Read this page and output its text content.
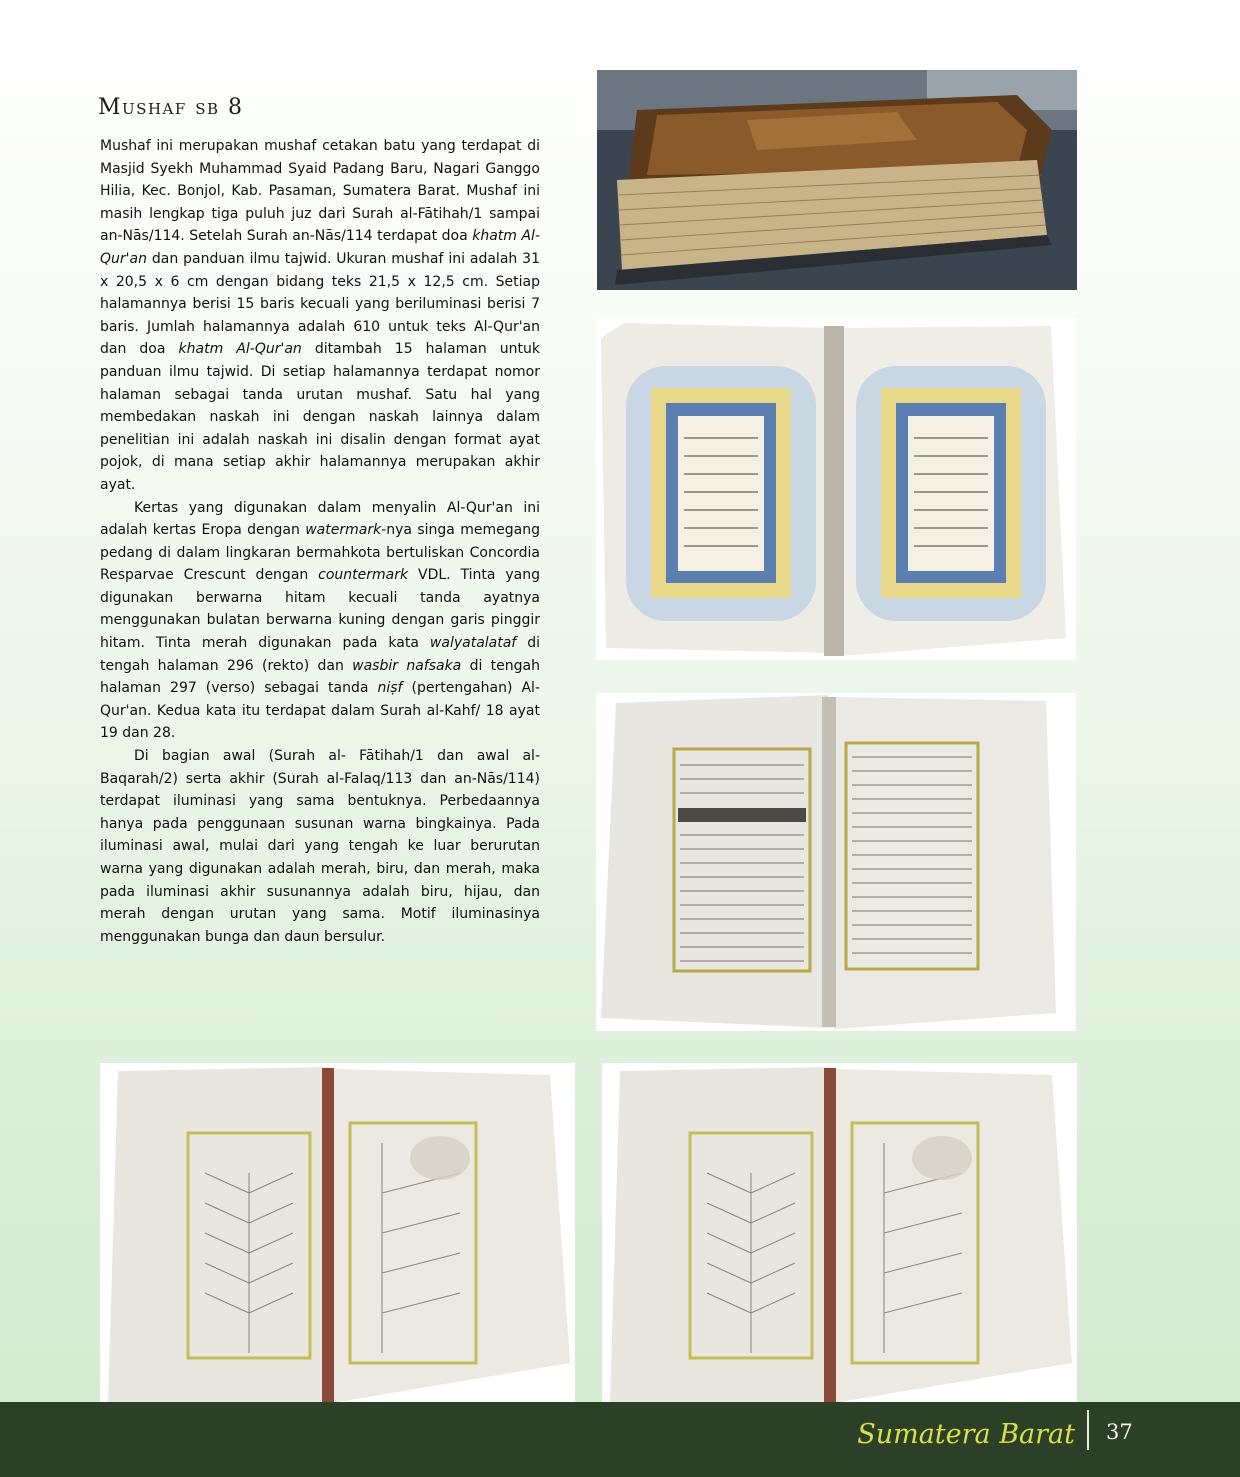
Mushaf sb 8

Mushaf ini merupakan mushaf cetakan batu yang terdapat di Masjid Syekh Muhammad Syaid Padang Baru, Nagari Ganggo Hilia, Kec. Bonjol, Kab. Pasaman, Sumatera Barat. Mushaf ini masih lengkap tiga puluh juz dari Surah al-Fātihah/1 sampai an-Nās/114. Setelah Surah an-Nās/114 terdapat doa khatm Al-Qur'an dan panduan ilmu tajwid. Ukuran mushaf ini adalah 31 x 20,5 x 6 cm dengan bidang teks 21,5 x 12,5 cm. Setiap halamannya berisi 15 baris kecuali yang beriluminasi berisi 7 baris. Jumlah halamannya adalah 610 untuk teks Al-Qur'an dan doa khatm Al-Qur'an ditambah 15 halaman untuk panduan ilmu tajwid. Di setiap halamannya terdapat nomor halaman sebagai tanda urutan mushaf. Satu hal yang membedakan naskah ini dengan naskah lainnya dalam penelitian ini adalah naskah ini disalin dengan format ayat pojok, di mana setiap akhir halamannya merupakan akhir ayat.

Kertas yang digunakan dalam menyalin Al-Qur'an ini adalah kertas Eropa dengan watermark-nya singa memegang pedang di dalam lingkaran bermahkota bertuliskan Concordia Resparvae Crescunt dengan countermark VDL. Tinta yang digunakan berwarna hitam kecuali tanda ayatnya menggunakan bulatan berwarna kuning dengan garis pinggir hitam. Tinta merah digunakan pada kata walyatalataf di tengah halaman 296 (rekto) dan wasbir nafsaka di tengah halaman 297 (verso) sebagai tanda niṣf (pertengahan) Al-Qur'an. Kedua kata itu terdapat dalam Surah al-Kahf/ 18 ayat 19 dan 28.

Di bagian awal (Surah al- Fātihah/1 dan awal al-Baqarah/2) serta akhir (Surah al-Falaq/113 dan an-Nās/114) terdapat iluminasi yang sama bentuknya. Perbedaannya hanya pada penggunaan susunan warna bingkainya. Pada iluminasi awal, mulai dari yang tengah ke luar berurutan warna yang digunakan adalah merah, biru, dan merah, maka pada iluminasi akhir susunannya adalah biru, hijau, dan merah dengan urutan yang sama. Motif iluminasinya menggunakan bunga dan daun bersulur.

Sumatera Barat 37
